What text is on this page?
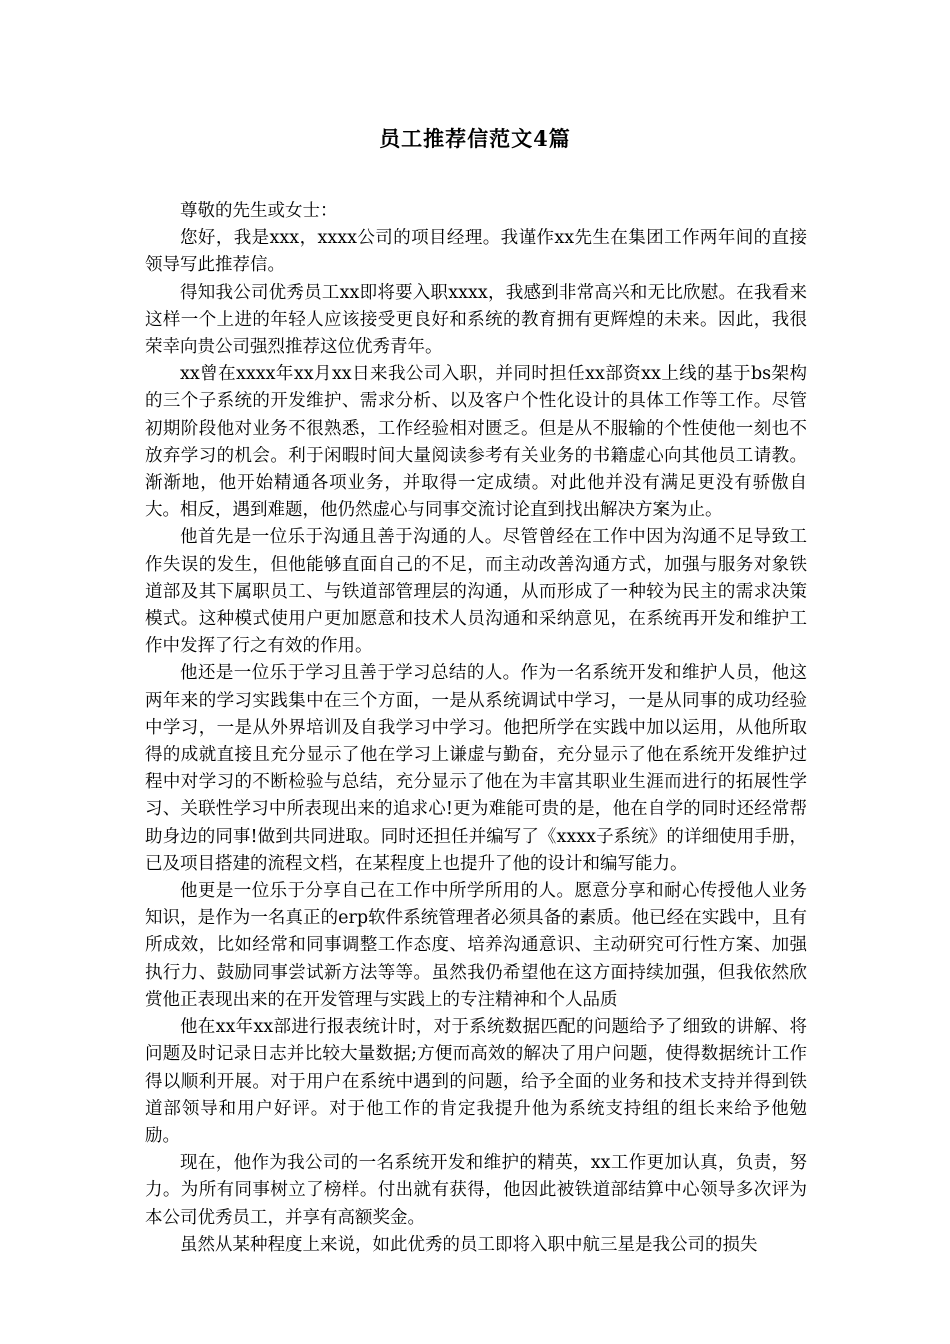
员工推荐信范文4篇

尊敬的先生或女士：

您好，我是xxx，xxxx公司的项目经理。我谨作xx先生在集团工作两年间的直接领导写此推荐信。

得知我公司优秀员工xx即将要入职xxxx，我感到非常高兴和无比欣慰。在我看来这样一个上进的年轻人应该接受更良好和系统的教育拥有更辉煌的未来。因此，我很荣幸向贵公司强烈推荐这位优秀青年。

xx曾在xxxx年xx月xx日来我公司入职，并同时担任xx部资xx上线的基于bs架构的三个子系统的开发维护、需求分析、以及客户个性化设计的具体工作等工作。尽管初期阶段他对业务不很熟悉，工作经验相对匮乏。但是从不服输的个性使他一刻也不放弃学习的机会。利于闲暇时间大量阅读参考有关业务的书籍虚心向其他员工请教。渐渐地，他开始精通各项业务，并取得一定成绩。对此他并没有满足更没有骄傲自大。相反，遇到难题，他仍然虚心与同事交流讨论直到找出解决方案为止。

他首先是一位乐于沟通且善于沟通的人。尽管曾经在工作中因为沟通不足导致工作失误的发生，但他能够直面自己的不足，而主动改善沟通方式，加强与服务对象铁道部及其下属职员工、与铁道部管理层的沟通，从而形成了一种较为民主的需求决策模式。这种模式使用户更加愿意和技术人员沟通和采纳意见，在系统再开发和维护工作中发挥了行之有效的作用。

他还是一位乐于学习且善于学习总结的人。作为一名系统开发和维护人员，他这两年来的学习实践集中在三个方面，一是从系统调试中学习，一是从同事的成功经验中学习，一是从外界培训及自我学习中学习。他把所学在实践中加以运用，从他所取得的成就直接且充分显示了他在学习上谦虚与勤奋，充分显示了他在系统开发维护过程中对学习的不断检验与总结，充分显示了他在为丰富其职业生涯而进行的拓展性学习、关联性学习中所表现出来的追求心!更为难能可贵的是，他在自学的同时还经常帮助身边的同事!做到共同进取。同时还担任并编写了《xxxx子系统》的详细使用手册，已及项目搭建的流程文档，在某程度上也提升了他的设计和编写能力。

他更是一位乐于分享自己在工作中所学所用的人。愿意分享和耐心传授他人业务知识，是作为一名真正的erp软件系统管理者必须具备的素质。他已经在实践中，且有所成效，比如经常和同事调整工作态度、培养沟通意识、主动研究可行性方案、加强执行力、鼓励同事尝试新方法等等。虽然我仍希望他在这方面持续加强，但我依然欣赏他正表现出来的在开发管理与实践上的专注精神和个人品质

他在xx年xx部进行报表统计时，对于系统数据匹配的问题给予了细致的讲解、将问题及时记录日志并比较大量数据;方便而高效的解决了用户问题，使得数据统计工作得以顺利开展。对于用户在系统中遇到的问题，给予全面的业务和技术支持并得到铁道部领导和用户好评。对于他工作的肯定我提升他为系统支持组的组长来给予他勉励。

现在，他作为我公司的一名系统开发和维护的精英，xx工作更加认真，负责，努力。为所有同事树立了榜样。付出就有获得，他因此被铁道部结算中心领导多次评为本公司优秀员工，并享有高额奖金。

虽然从某种程度上来说，如此优秀的员工即将入职中航三星是我公司的损失
